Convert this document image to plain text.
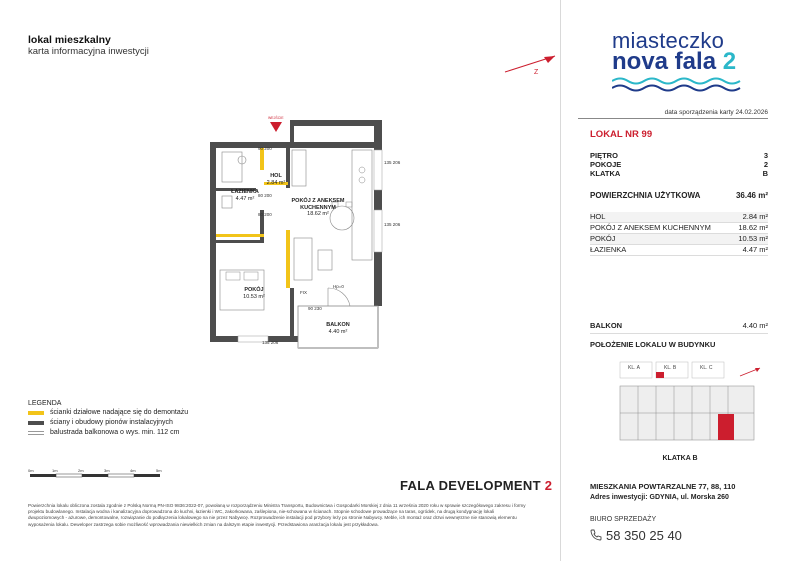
lokal mieszkalny
karta informacyjna inwestycji
Z
WEJŚCIE
HOL
2.84 m²
ŁAZIENKA
4.47 m²	POKÓJ Z ANEKSEM KUCHENNYM
18.62 m²
POKÓJ
10.53 m²
BALKON
4.40 m²
90 200
80 200
80 200
135 206
135 206
135 206
90 230
FIX
Hp=0
LEGENDA
ścianki działowe nadające się do demontażu
ściany i obudowy pionów instalacyjnych
balustrada balkonowa o wys. min. 112 cm
0m	1m	2m	3m	4m	5m
FALA DEVELOPMENT 2
Powierzchnia lokalu obliczona zostala zgodnie z Polską Normą PN-ISO 9836:2022-07, powołaną w rozporządzeniu Ministra Transportu, Budownictwa i Gospodarki Morskiej z dnia 11 września 2020 roku w sprawie szczegółowego zakresu i formy projektu budowlanego. Instalacja wodna i kanalizacyjna doprowadzona do kuchni, łazienki i WC, zakorkowana, zaślepiona, nie-schowana w ścianach. Stopnie schodowe prowadzące na taras, ogródek, na drugą kondygnację lokali dwupoziomowych - ażurowe, demontowalne, rozwiązanie do podłączenia lokalowego na nie przez Nabywcę. Rozprowadzenie instalacji pod przybory leży po stronie Nabywcy. Meble, ich montaż oraz drzwi wewnętrzne nie stanowią elementu wyposażenia lokalu. Deweloper zastrzega sobie możliwość wprowadzania niewielkich zmian na dalszym etapie inwestycji. Przedstawiona aranżacja lokalu jest przykładowa.
miasteczko
nova fala 2
data sporządzenia karty 24.02.2026
LOKAL NR 99
PIĘTRO	3
POKOJE	2
KLATKA	B
POWIERZCHNIA UŻYTKOWA	36.46 m²
HOL	2.84 m²
POKÓJ Z ANEKSEM KUCHENNYM	18.62 m²
POKÓJ	10.53 m²
ŁAZIENKA	4.47 m²
BALKON	4.40 m²
POŁOŻENIE LOKALU W BUDYNKU
KL. A	KL. B	KL. C
KLATKA B
MIESZKANIA POWTARZALNE 77, 88, 110
Adres inwestycji: GDYNIA, ul. Morska 260
BIURO SPRZEDAŻY
58 350 25 40
